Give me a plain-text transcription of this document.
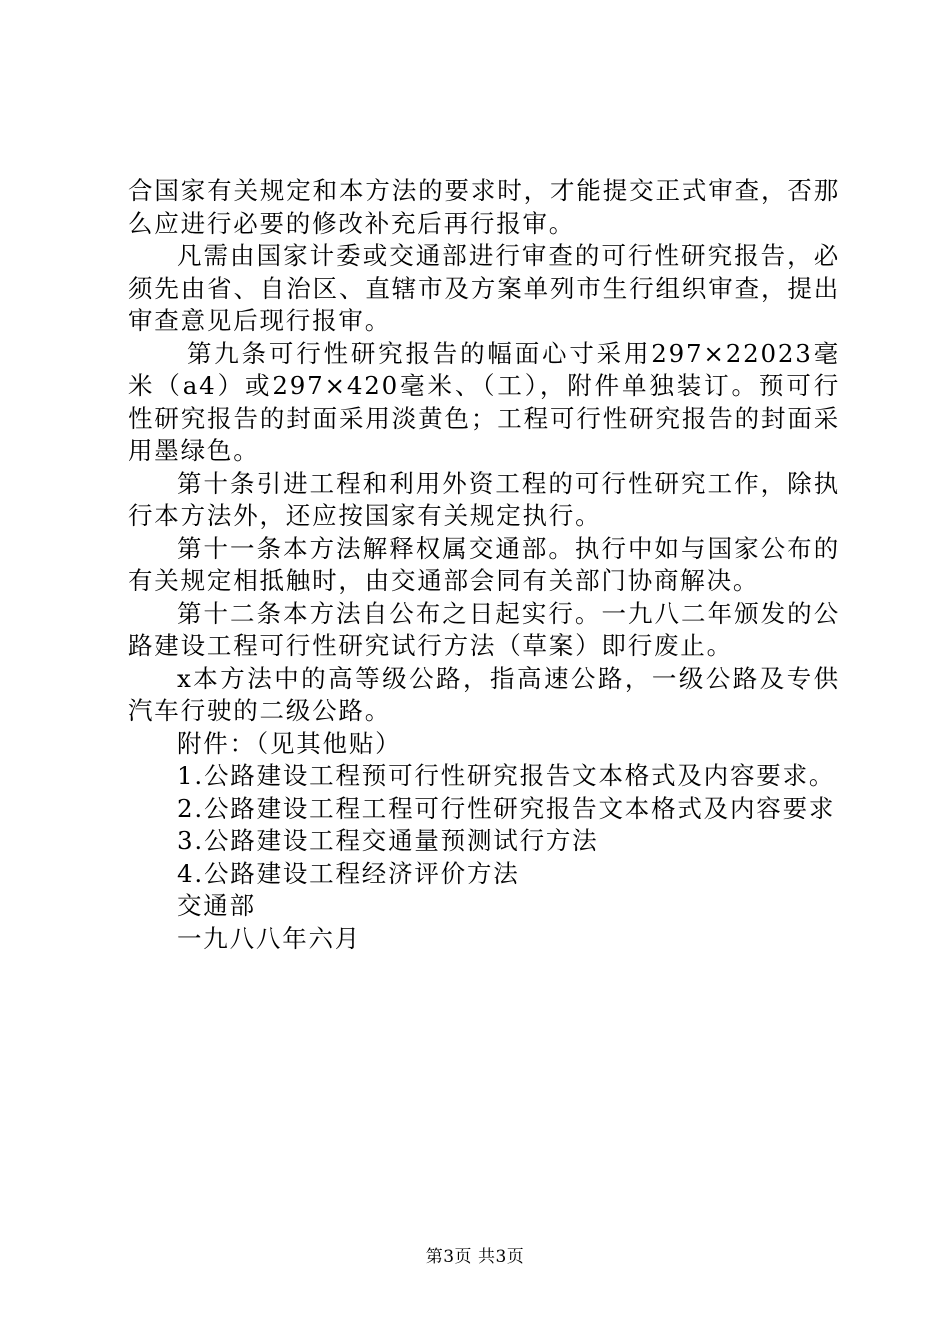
合国家有关规定和本方法的要求时，才能提交正式审查，否那么应进行必要的修改补充后再行报审。

凡需由国家计委或交通部进行审查的可行性研究报告，必须先由省、自治区、直辖市及方案单列市生行组织审查，提出审查意见后现行报审。

第九条可行性研究报告的幅面心寸采用297×22023毫米（a4）或297×420毫米、（工），附件单独装订。预可行性研究报告的封面采用淡黄色；工程可行性研究报告的封面采用墨绿色。

第十条引进工程和利用外资工程的可行性研究工作，除执行本方法外，还应按国家有关规定执行。

第十一条本方法解释权属交通部。执行中如与国家公布的有关规定相抵触时，由交通部会同有关部门协商解决。

第十二条本方法自公布之日起实行。一九八二年颁发的公路建设工程可行性研究试行方法（草案）即行废止。

x本方法中的高等级公路，指高速公路，一级公路及专供汽车行驶的二级公路。

附件：（见其他贴）

1.公路建设工程预可行性研究报告文本格式及内容要求。

2.公路建设工程工程可行性研究报告文本格式及内容要求

3.公路建设工程交通量预测试行方法

4.公路建设工程经济评价方法

交通部

一九八八年六月

第3页 共3页
